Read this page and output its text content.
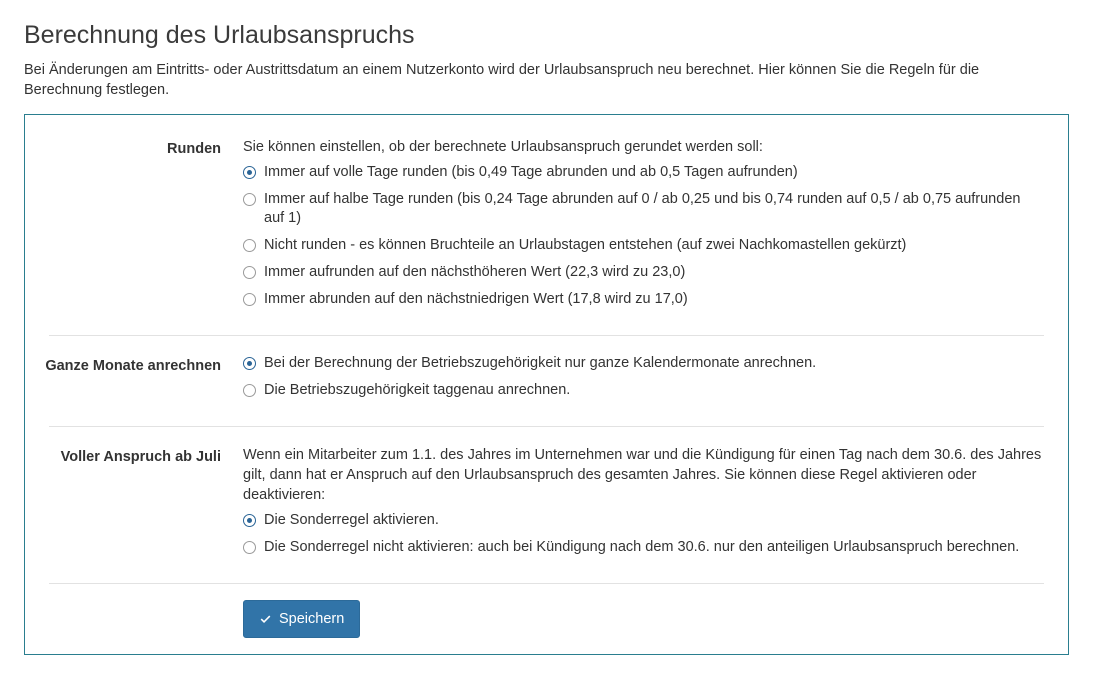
Berechnung des Urlaubsanspruchs

Bei Änderungen am Eintritts- oder Austrittsdatum an einem Nutzerkonto wird der Urlaubsanspruch neu berechnet. Hier können Sie die Regeln für die Berechnung festlegen.

Runden Sie können einstellen, ob der berechnete Urlaubsanspruch gerundet werden soll:

Immer auf volle Tage runden (bis 0,49 Tage abrunden und ab 0,5 Tagen aufrunden)
Immer auf halbe Tage runden (bis 0,24 Tage abrunden auf 0 / ab 0,25 und bis 0,74 runden auf 0,5 / ab 0,75 aufrunden auf 1)
Nicht runden - es können Bruchteile an Urlaubstagen entstehen (auf zwei Nachkomastellen gekürzt)
Immer aufrunden auf den nächsthöheren Wert (22,3 wird zu 23,0)
Immer abrunden auf den nächstniedrigen Wert (17,8 wird zu 17,0)
Ganze Monate anrechnen	Bei der Berechnung der Betriebszugehörigkeit nur ganze Kalendermonate anrechnen.
Die Betriebszugehörigkeit taggenau anrechnen.
Voller Anspruch ab Juli Wenn ein Mitarbeiter zum 1.1. des Jahres im Unternehmen war und die Kündigung für einen Tag nach dem 30.6. des Jahres gilt, dann hat er Anspruch auf den Urlaubsanspruch des gesamten Jahres. Sie können diese Regel aktivieren oder deaktivieren:

Die Sonderregel aktivieren.
Die Sonderregel nicht aktivieren: auch bei Kündigung nach dem 30.6. nur den anteiligen Urlaubsanspruch berechnen.
Speichern
